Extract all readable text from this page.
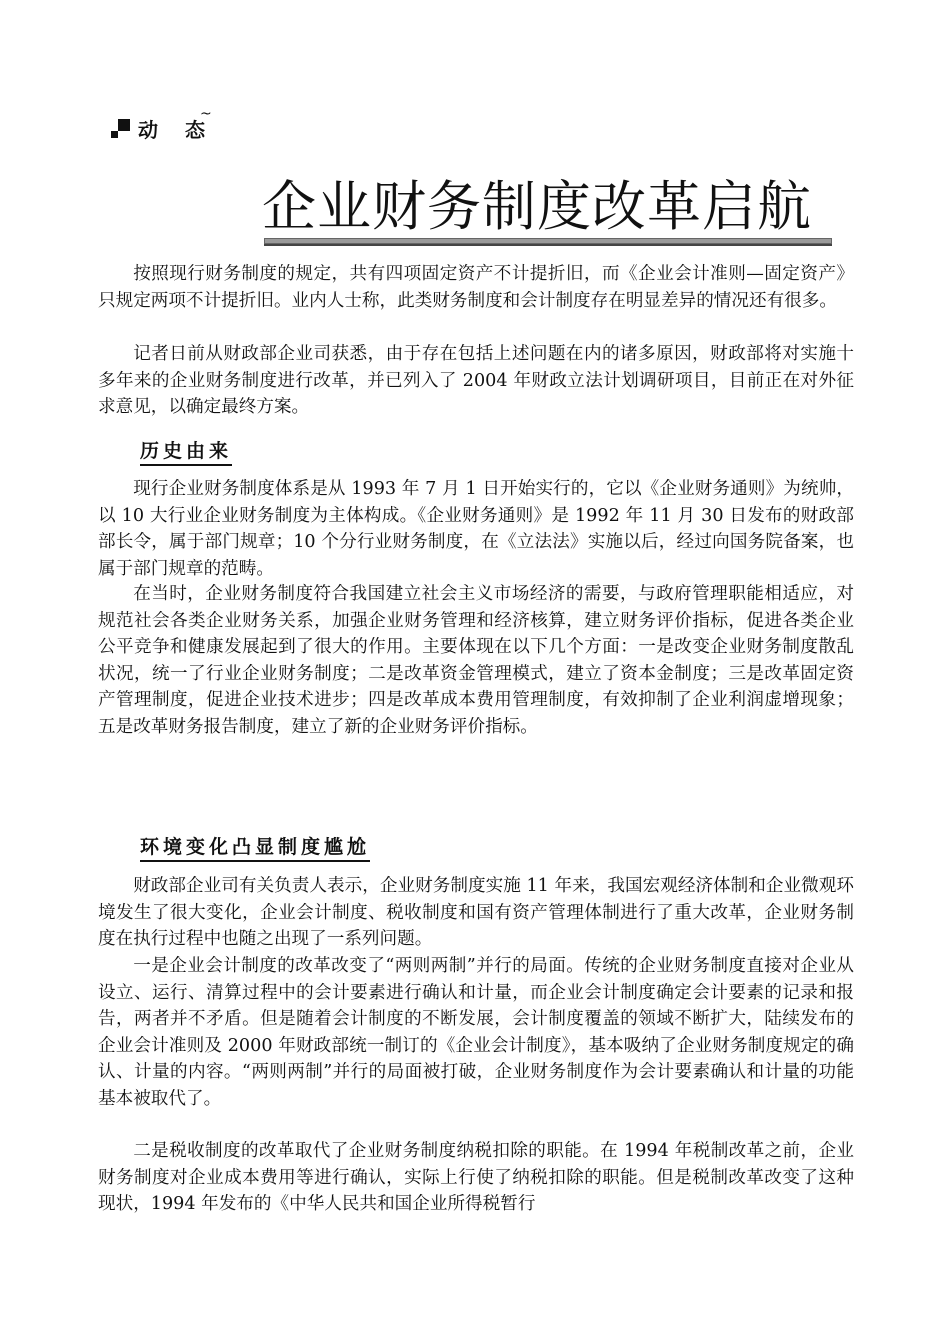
动 态
~
企业财务制度改革启航

按照现行财务制度的规定，共有四项固定资产不计提折旧，而《企业会计准则—固定资产》只规定两项不计提折旧。业内人士称，此类财务制度和会计制度存在明显差异的情况还有很多。

记者日前从财政部企业司获悉，由于存在包括上述问题在内的诸多原因，财政部将对实施十多年来的企业财务制度进行改革，并已列入了 2004 年财政立法计划调研项目，目前正在对外征求意见，以确定最终方案。

历史由来

现行企业财务制度体系是从 1993 年 7 月 1 日开始实行的，它以《企业财务通则》为统帅，以 10 大行业企业财务制度为主体构成。《企业财务通则》是 1992 年 11 月 30 日发布的财政部部长令，属于部门规章；10 个分行业财务制度，在《立法法》实施以后，经过向国务院备案，也属于部门规章的范畴。

在当时，企业财务制度符合我国建立社会主义市场经济的需要，与政府管理职能相适应，对规范社会各类企业财务关系，加强企业财务管理和经济核算，建立财务评价指标，促进各类企业公平竞争和健康发展起到了很大的作用。主要体现在以下几个方面：一是改变企业财务制度散乱状况，统一了行业企业财务制度；二是改革资金管理模式，建立了资本金制度；三是改革固定资产管理制度，促进企业技术进步；四是改革成本费用管理制度，有效抑制了企业利润虚增现象；五是改革财务报告制度，建立了新的企业财务评价指标。

环境变化凸显制度尴尬

财政部企业司有关负责人表示，企业财务制度实施 11 年来，我国宏观经济体制和企业微观环境发生了很大变化，企业会计制度、税收制度和国有资产管理体制进行了重大改革，企业财务制度在执行过程中也随之出现了一系列问题。

一是企业会计制度的改革改变了“两则两制”并行的局面。传统的企业财务制度直接对企业从设立、运行、清算过程中的会计要素进行确认和计量，而企业会计制度确定会计要素的记录和报告，两者并不矛盾。但是随着会计制度的不断发展，会计制度覆盖的领域不断扩大，陆续发布的企业会计准则及 2000 年财政部统一制订的《企业会计制度》，基本吸纳了企业财务制度规定的确认、计量的内容。“两则两制”并行的局面被打破，企业财务制度作为会计要素确认和计量的功能基本被取代了。

二是税收制度的改革取代了企业财务制度纳税扣除的职能。在 1994 年税制改革之前，企业财务制度对企业成本费用等进行确认，实际上行使了纳税扣除的职能。但是税制改革改变了这种现状，1994 年发布的《中华人民共和国企业所得税暂行
